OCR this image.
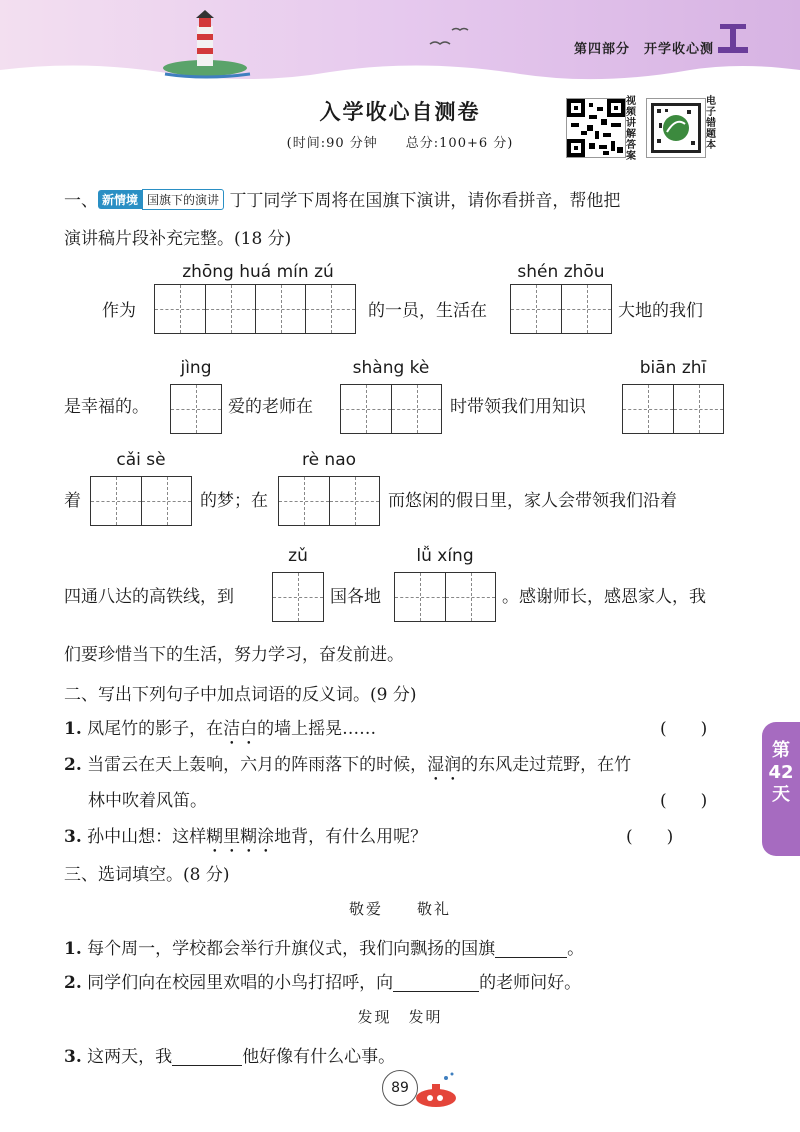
第四部分　开学收心测
入学收心自测卷
(时间:90 分钟　　总分:100+6 分)
视频讲解答案
电子错题本
一、 新情境 国旗下的演讲 丁丁同学下周将在国旗下演讲，请你看拼音，帮他把
演讲稿片段补充完整。(18 分)
zhōng huá mín zú	shén zhōu
作为	的一员，生活在	大地的我们
jìng	shàng kè	biān zhī
是幸福的。	爱的老师在	时带领我们用知识
cǎi sè	rè nao
着	的梦；在	而悠闲的假日里，家人会带领我们沿着
zǔ	lǚ xíng
四通八达的高铁线，到	国各地	。感谢师长，感恩家人，我
们要珍惜当下的生活，努力学习，奋发前进。
二、写出下列句子中加点词语的反义词。(9 分)
1. 凤尾竹的影子，在洁白的墙上摇晃……	(　　)
2. 当雷云在天上轰响，六月的阵雨落下的时候，湿润的东风走过荒野，在竹
林中吹着风笛。	(　　)
3. 孙中山想：这样糊里糊涂地背，有什么用呢？	(　　)
三、选词填空。(8 分)
敬爱　　敬礼
1. 每个周一，学校都会举行升旗仪式，我们向飘扬的国旗	。
2. 同学们向在校园里欢唱的小鸟打招呼，向	的老师问好。
发现　发明
3. 这两天，我	他好像有什么心事。
第42天
89
